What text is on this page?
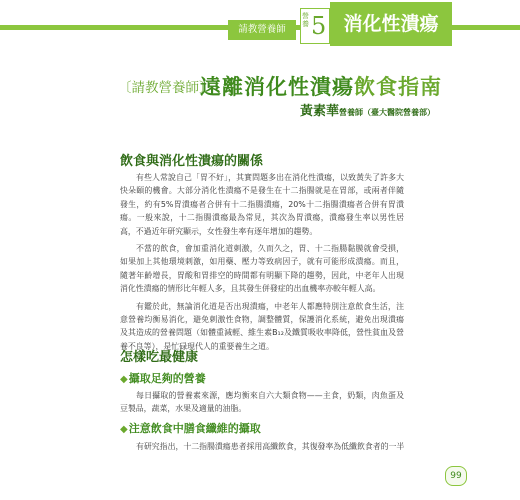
請教營養師
營養 5 消化性潰瘍
〔請教營養師〕
遠離消化性潰瘍飲食指南
黃素華營養師（臺大醫院營養部）
飲食與消化性潰瘍的關係

有些人常說自己「胃不好」，其實問題多出在消化性潰瘍，以致黃失了許多大快朵頤的機會。大部分消化性潰瘍不是發生在十二指腸就是在胃部，或兩者伴隨發生，約有5%胃潰瘍者合併有十二指腸潰瘍，20%十二指腸潰瘍者合併有胃潰瘍。一般來說，十二指腸潰瘍最為常見，其次為胃潰瘍，潰瘍發生率以男性居高，不過近年研究顯示，女性發生率有逐年增加的趨勢。

不當的飲食，會加重消化道刺激，久而久之，胃、十二指腸黏膜就會受損，如果加上其他環境刺激，如用藥、壓力等致病因子，就有可能形成潰瘍。而且，隨著年齡增長，胃酸和胃排空的時間都有明顯下降的趨勢，因此，中老年人出現消化性潰瘍的情形比年輕人多，且其發生併發症的出血機率亦較年輕人高。

有鑑於此，無論消化道是否出現潰瘍，中老年人都應特別注意飲食生活，注意營養均衡易消化，避免刺激性食物，調整體質，保護消化系統，避免出現潰瘍及其造成的營養問題（如體重減輕、維生素B₁₂及鐵質吸收率降低，營性貧血及營養不良等），是忙碌現代人的重要養生之道。

怎樣吃最健康
◆攝取足夠的營養

每日攝取的營養素來源，應均衡來自六大類食物——主食，奶類，肉魚蛋及豆製品，蔬菜，水果及適量的油脂。

◆注意飲食中膳食纖維的攝取

有研究指出，十二指腸潰瘍患者採用高纖飲食，其復發率為低纖飲食者的一半

99
